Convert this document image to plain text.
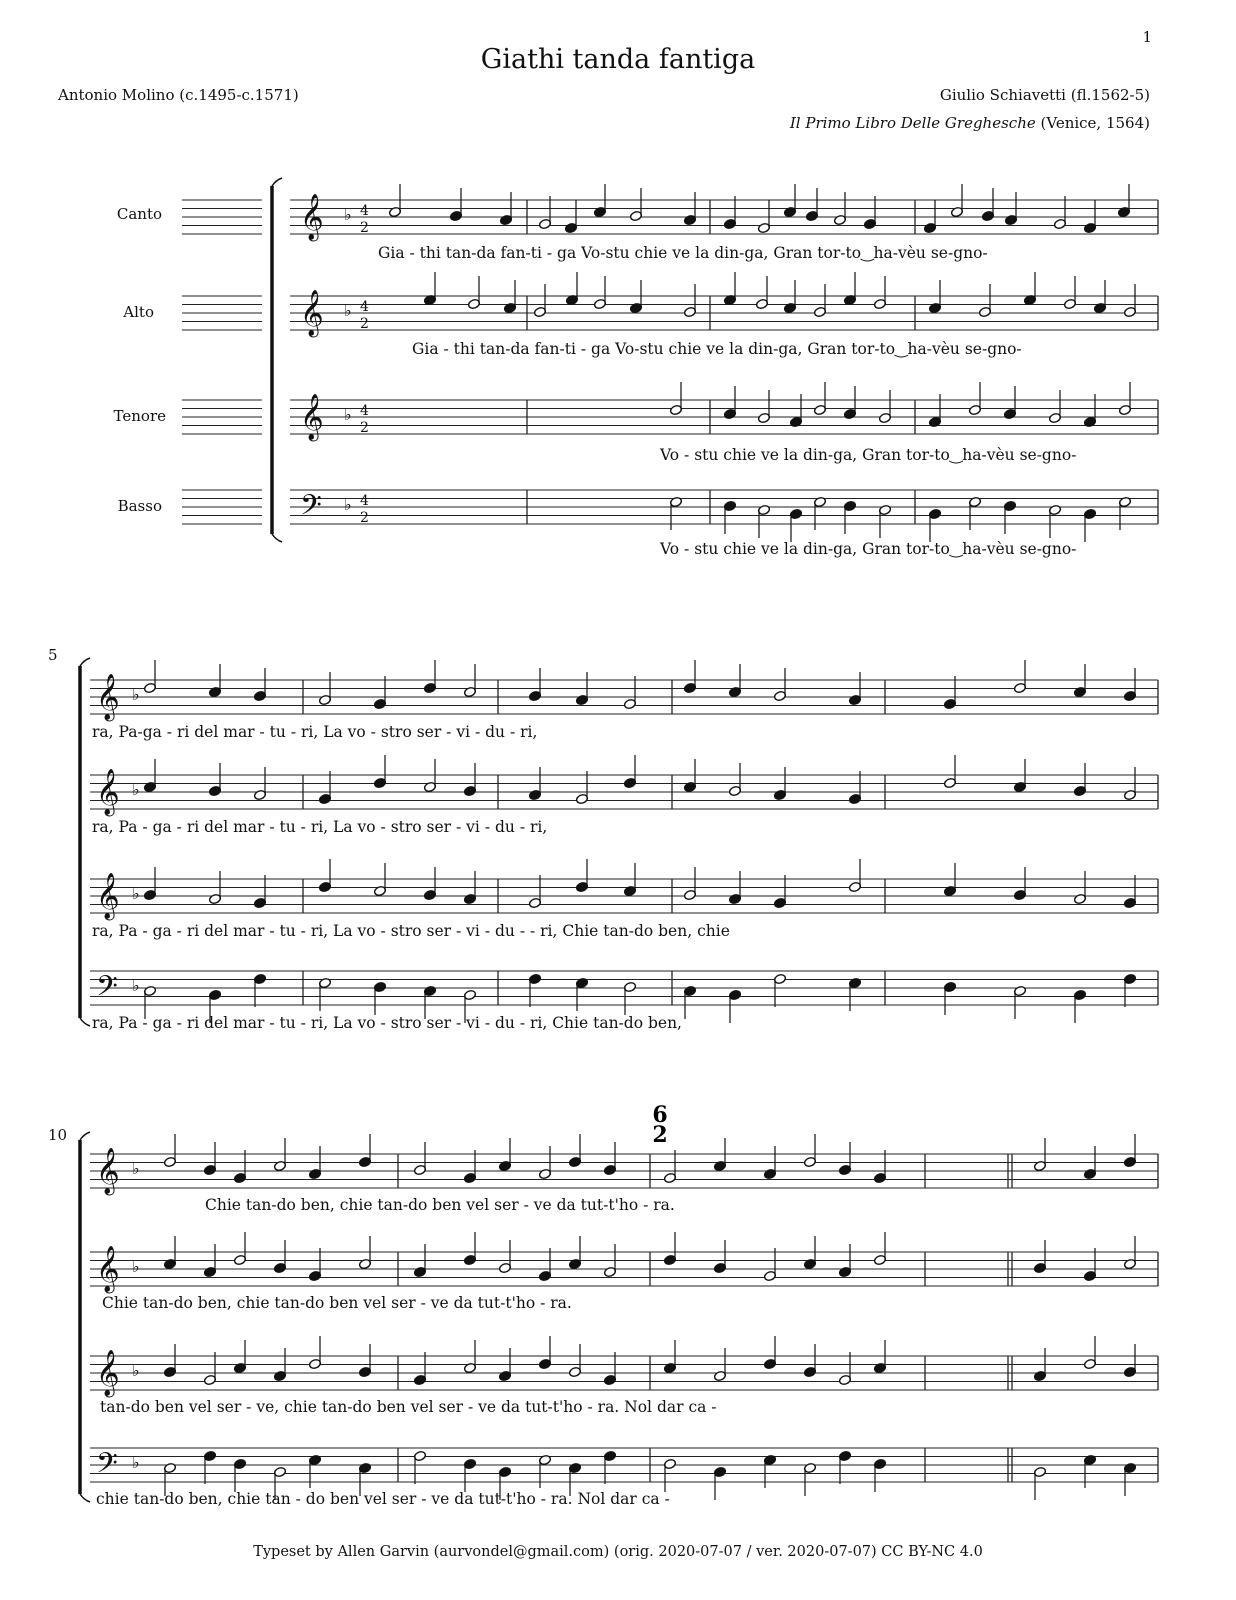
1
Giathi tanda fantiga
Antonio Molino (c.1495-c.1571)	Giulio Schiavetti (fl.1562-5)
Il Primo Libro Delle Greghesche (Venice, 1564)
Canto
Alto
Tenore
Basso
5
10
Gia - thi tan-da fan-ti - ga Vo-stu chie ve la din-ga, Gran tor-to‿ha-vèu se-gno-
Gia - thi tan-da fan-ti - ga Vo-stu chie ve la din-ga, Gran tor-to‿ha-vèu se-gno-
Vo - stu chie ve la din-ga, Gran tor-to‿ha-vèu se-gno-
Vo - stu chie ve la din-ga, Gran tor-to‿ha-vèu se-gno-
ra, Pa-ga - ri del mar - tu - ri, La vo - stro ser - vi - du - ri,
ra, Pa - ga - ri del mar - tu - ri, La vo - stro ser - vi - du - ri,
ra, Pa - ga - ri del mar - tu - ri, La vo - stro ser - vi - du - - ri, Chie tan-do ben, chie
ra, Pa - ga - ri del mar - tu - ri, La vo - stro ser - vi - du - ri, Chie tan-do ben,
Chie tan-do ben, chie tan-do ben vel ser - ve da tut-t'ho - ra.
Chie tan-do ben, chie tan-do ben vel ser - ve da tut-t'ho - ra.
tan-do ben vel ser - ve, chie tan-do ben vel ser - ve da tut-t'ho - ra. Nol dar ca -
chie tan-do ben, chie tan - do ben vel ser - ve da tut-t'ho - ra. Nol dar ca -
𝄞 ♭ 4
2
𝄞 ♭ 4
2
𝄞 ♭ 4
2
𝄢 ♭ 4
2
𝄞 ♭
𝄞 ♭
𝄞 ♭
𝄢 ♭
𝄞 ♭
𝄞 ♭
𝄞 ♭
𝄢 ♭
6
2
Typeset by Allen Garvin (aurvondel@gmail.com) (orig. 2020-07-07 / ver. 2020-07-07) CC BY-NC 4.0
